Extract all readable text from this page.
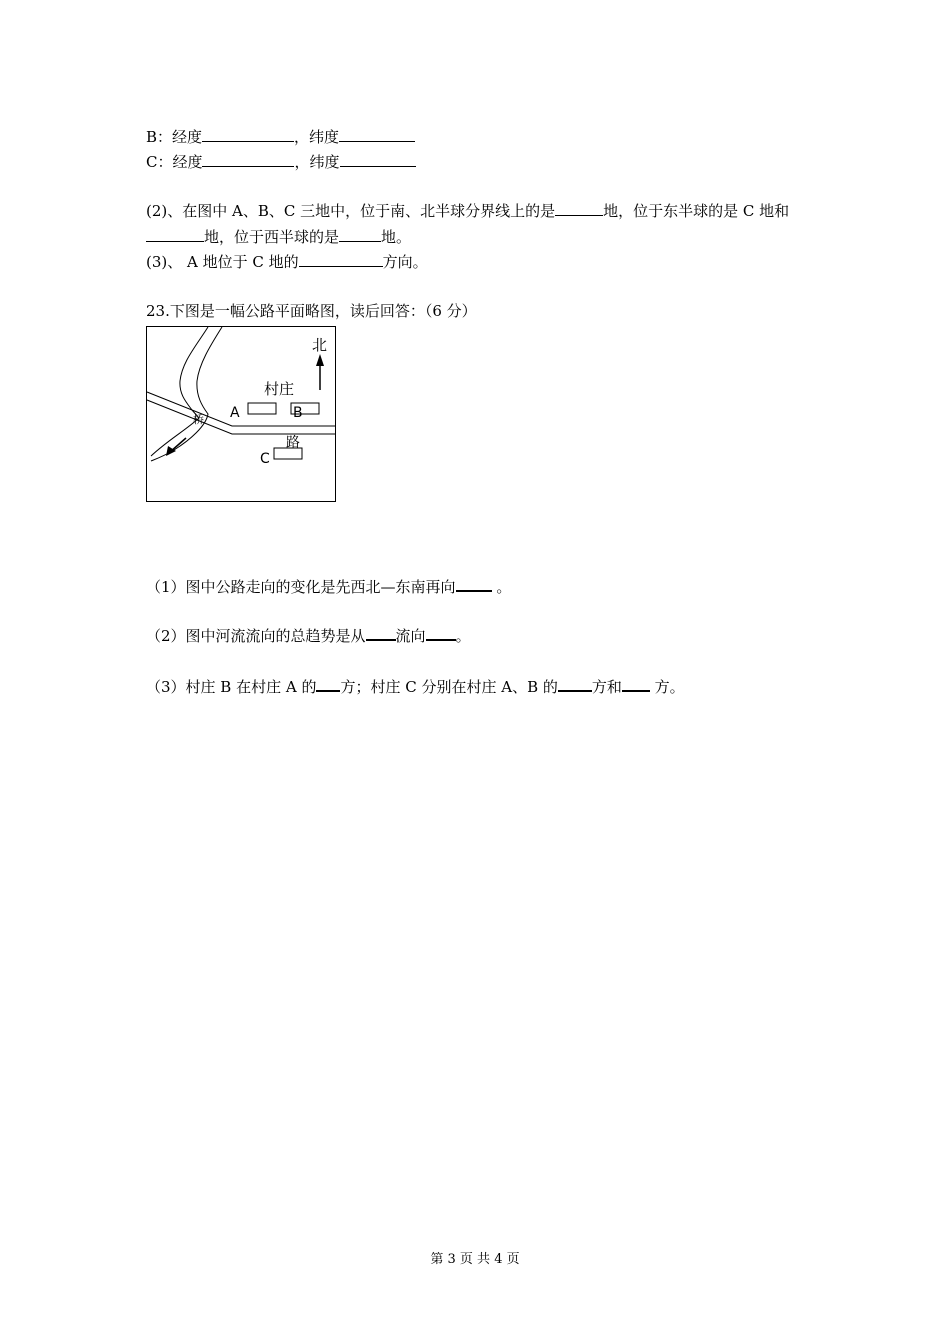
B：经度	，纬度
C：经度	，纬度
(2)、在图中 A、B、C 三地中，位于南、北半球分界线上的是	地，位于东半球的是 C 地和
地，位于西半球的是	地。
(3)、 A 地位于 C 地的	方向。
23.下图是一幅公路平面略图，读后回答：（6 分）
桥
北
村庄
A	B
路
C
（1）图中公路走向的变化是先西北—东南再向 。
（2）图中河流流向的总趋势是从 流向 。
（3）村庄 B 在村庄 A 的 方；村庄 C 分别在村庄 A、B 的 方和 方。
第 3 页 共 4 页
